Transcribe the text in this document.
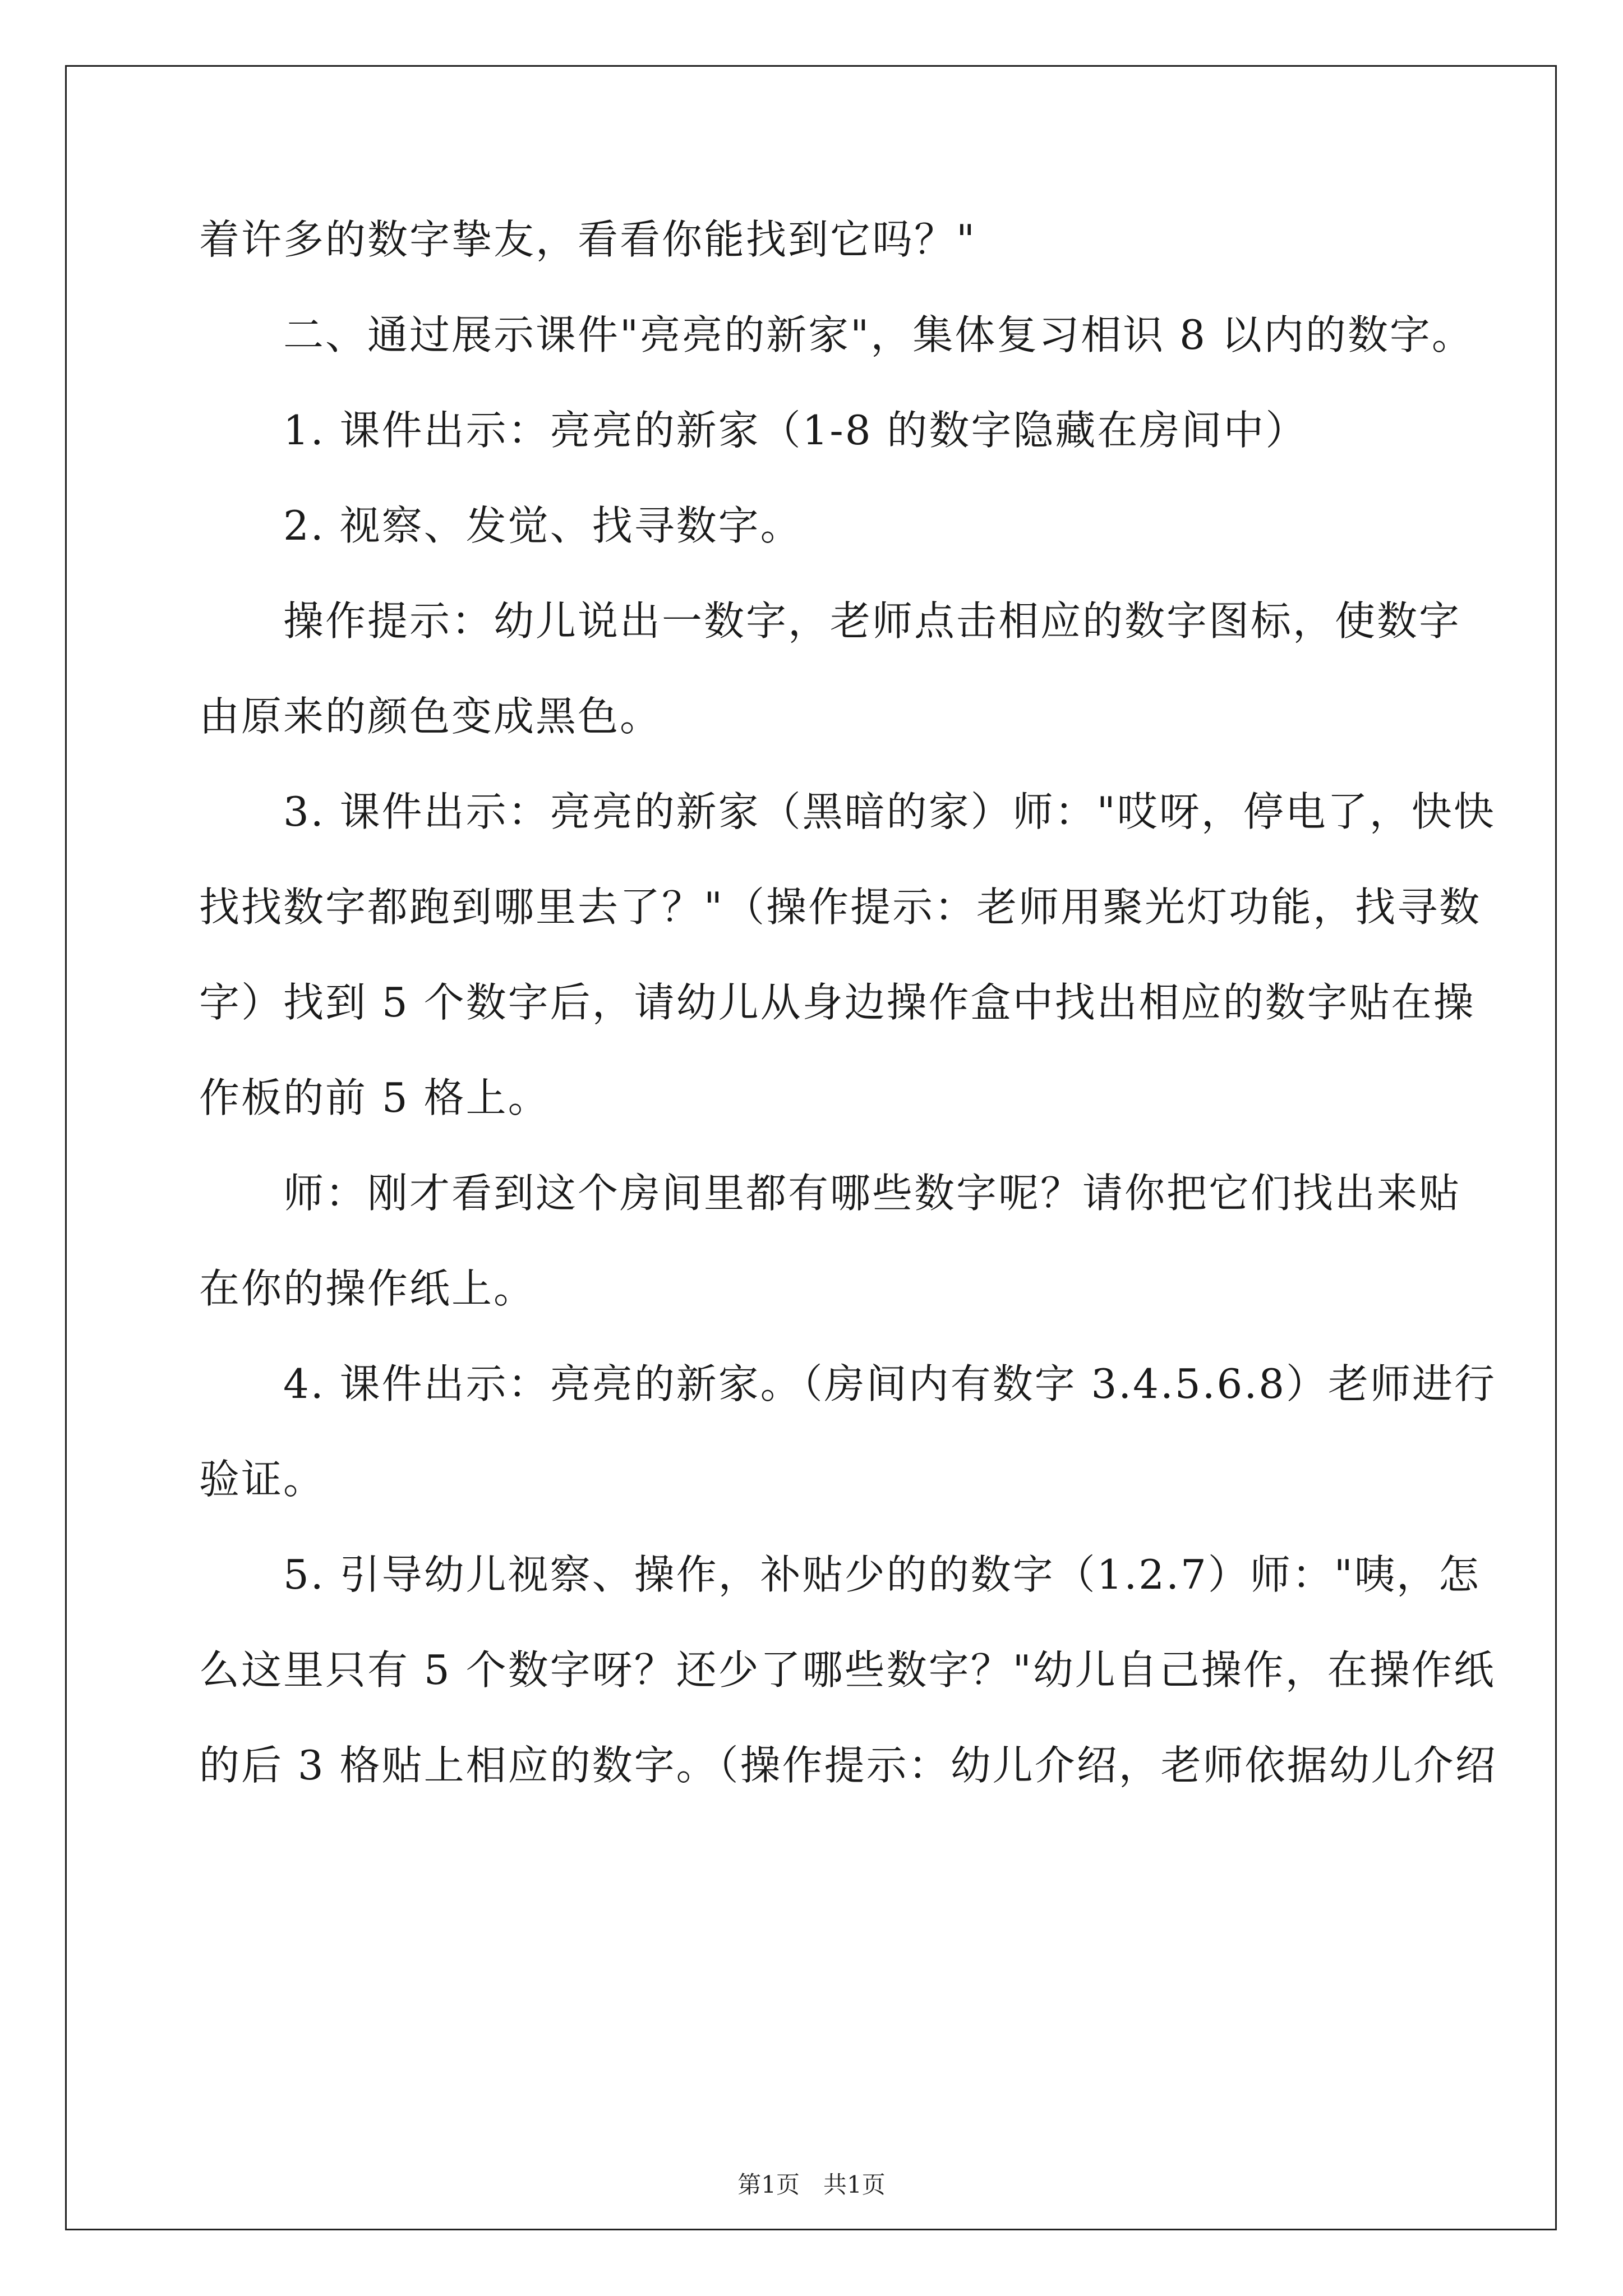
着许多的数字挚友，看看你能找到它吗？"
　　二、通过展示课件"亮亮的新家"，集体复习相识 8 以内的数字。
　　1. 课件出示：亮亮的新家（1-8 的数字隐藏在房间中）
　　2. 视察、发觉、找寻数字。
　　操作提示：幼儿说出一数字，老师点击相应的数字图标，使数字
由原来的颜色变成黑色。
　　3. 课件出示：亮亮的新家（黑暗的家）师："哎呀，停电了，快快
找找数字都跑到哪里去了？"（操作提示：老师用聚光灯功能，找寻数
字）找到 5 个数字后，请幼儿从身边操作盒中找出相应的数字贴在操
作板的前 5 格上。
　　师：刚才看到这个房间里都有哪些数字呢？请你把它们找出来贴
在你的操作纸上。
　　4. 课件出示：亮亮的新家。（房间内有数字 3.4.5.6.8）老师进行
验证。
　　5. 引导幼儿视察、操作，补贴少的的数字（1.2.7）师："咦，怎
么这里只有 5 个数字呀？还少了哪些数字？"幼儿自己操作，在操作纸
的后 3 格贴上相应的数字。（操作提示：幼儿介绍，老师依据幼儿介绍
第1页　共1页
